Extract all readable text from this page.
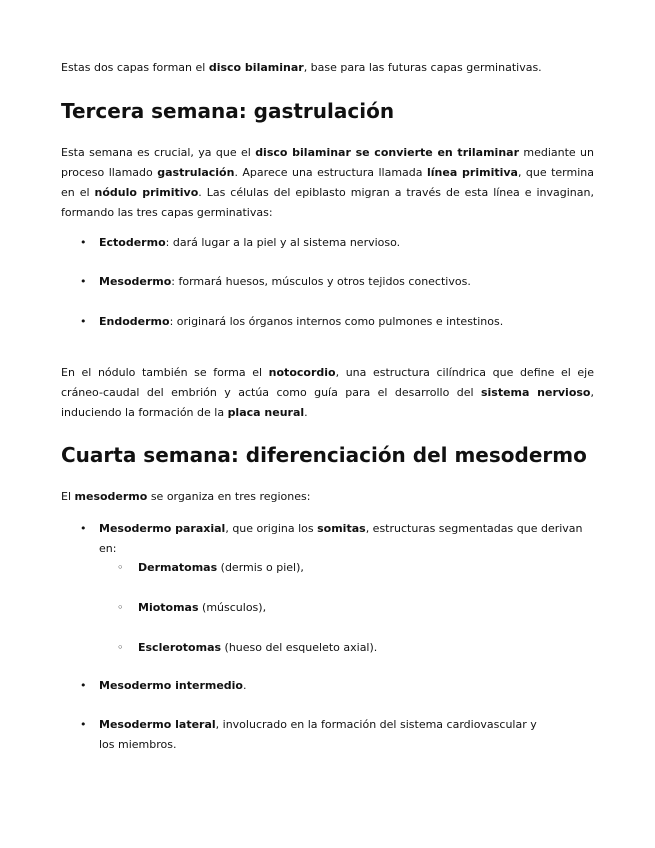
Estas dos capas forman el disco bilaminar, base para las futuras capas germinativas.

Tercera semana: gastrulación

Esta semana es crucial, ya que el disco bilaminar se convierte en trilaminar mediante un proceso llamado gastrulación. Aparece una estructura llamada línea primitiva, que termina en el nódulo primitivo. Las células del epiblasto migran a través de esta línea e invaginan, formando las tres capas germinativas:

• Ectodermo: dará lugar a la piel y al sistema nervioso.
• Mesodermo: formará huesos, músculos y otros tejidos conectivos.
• Endodermo: originará los órganos internos como pulmones e intestinos.

En el nódulo también se forma el notocordio, una estructura cilíndrica que define el eje cráneo-caudal del embrión y actúa como guía para el desarrollo del sistema nervioso, induciendo la formación de la placa neural.

Cuarta semana: diferenciación del mesodermo

El mesodermo se organiza en tres regiones:

• Mesodermo paraxial, que origina los somitas, estructuras segmentadas que derivan en:
◦ Dermatomas (dermis o piel),
◦ Miotomas (músculos),
◦ Esclerotomas (hueso del esqueleto axial).
• Mesodermo intermedio.
• Mesodermo lateral, involucrado en la formación del sistema cardiovascular y los miembros.
